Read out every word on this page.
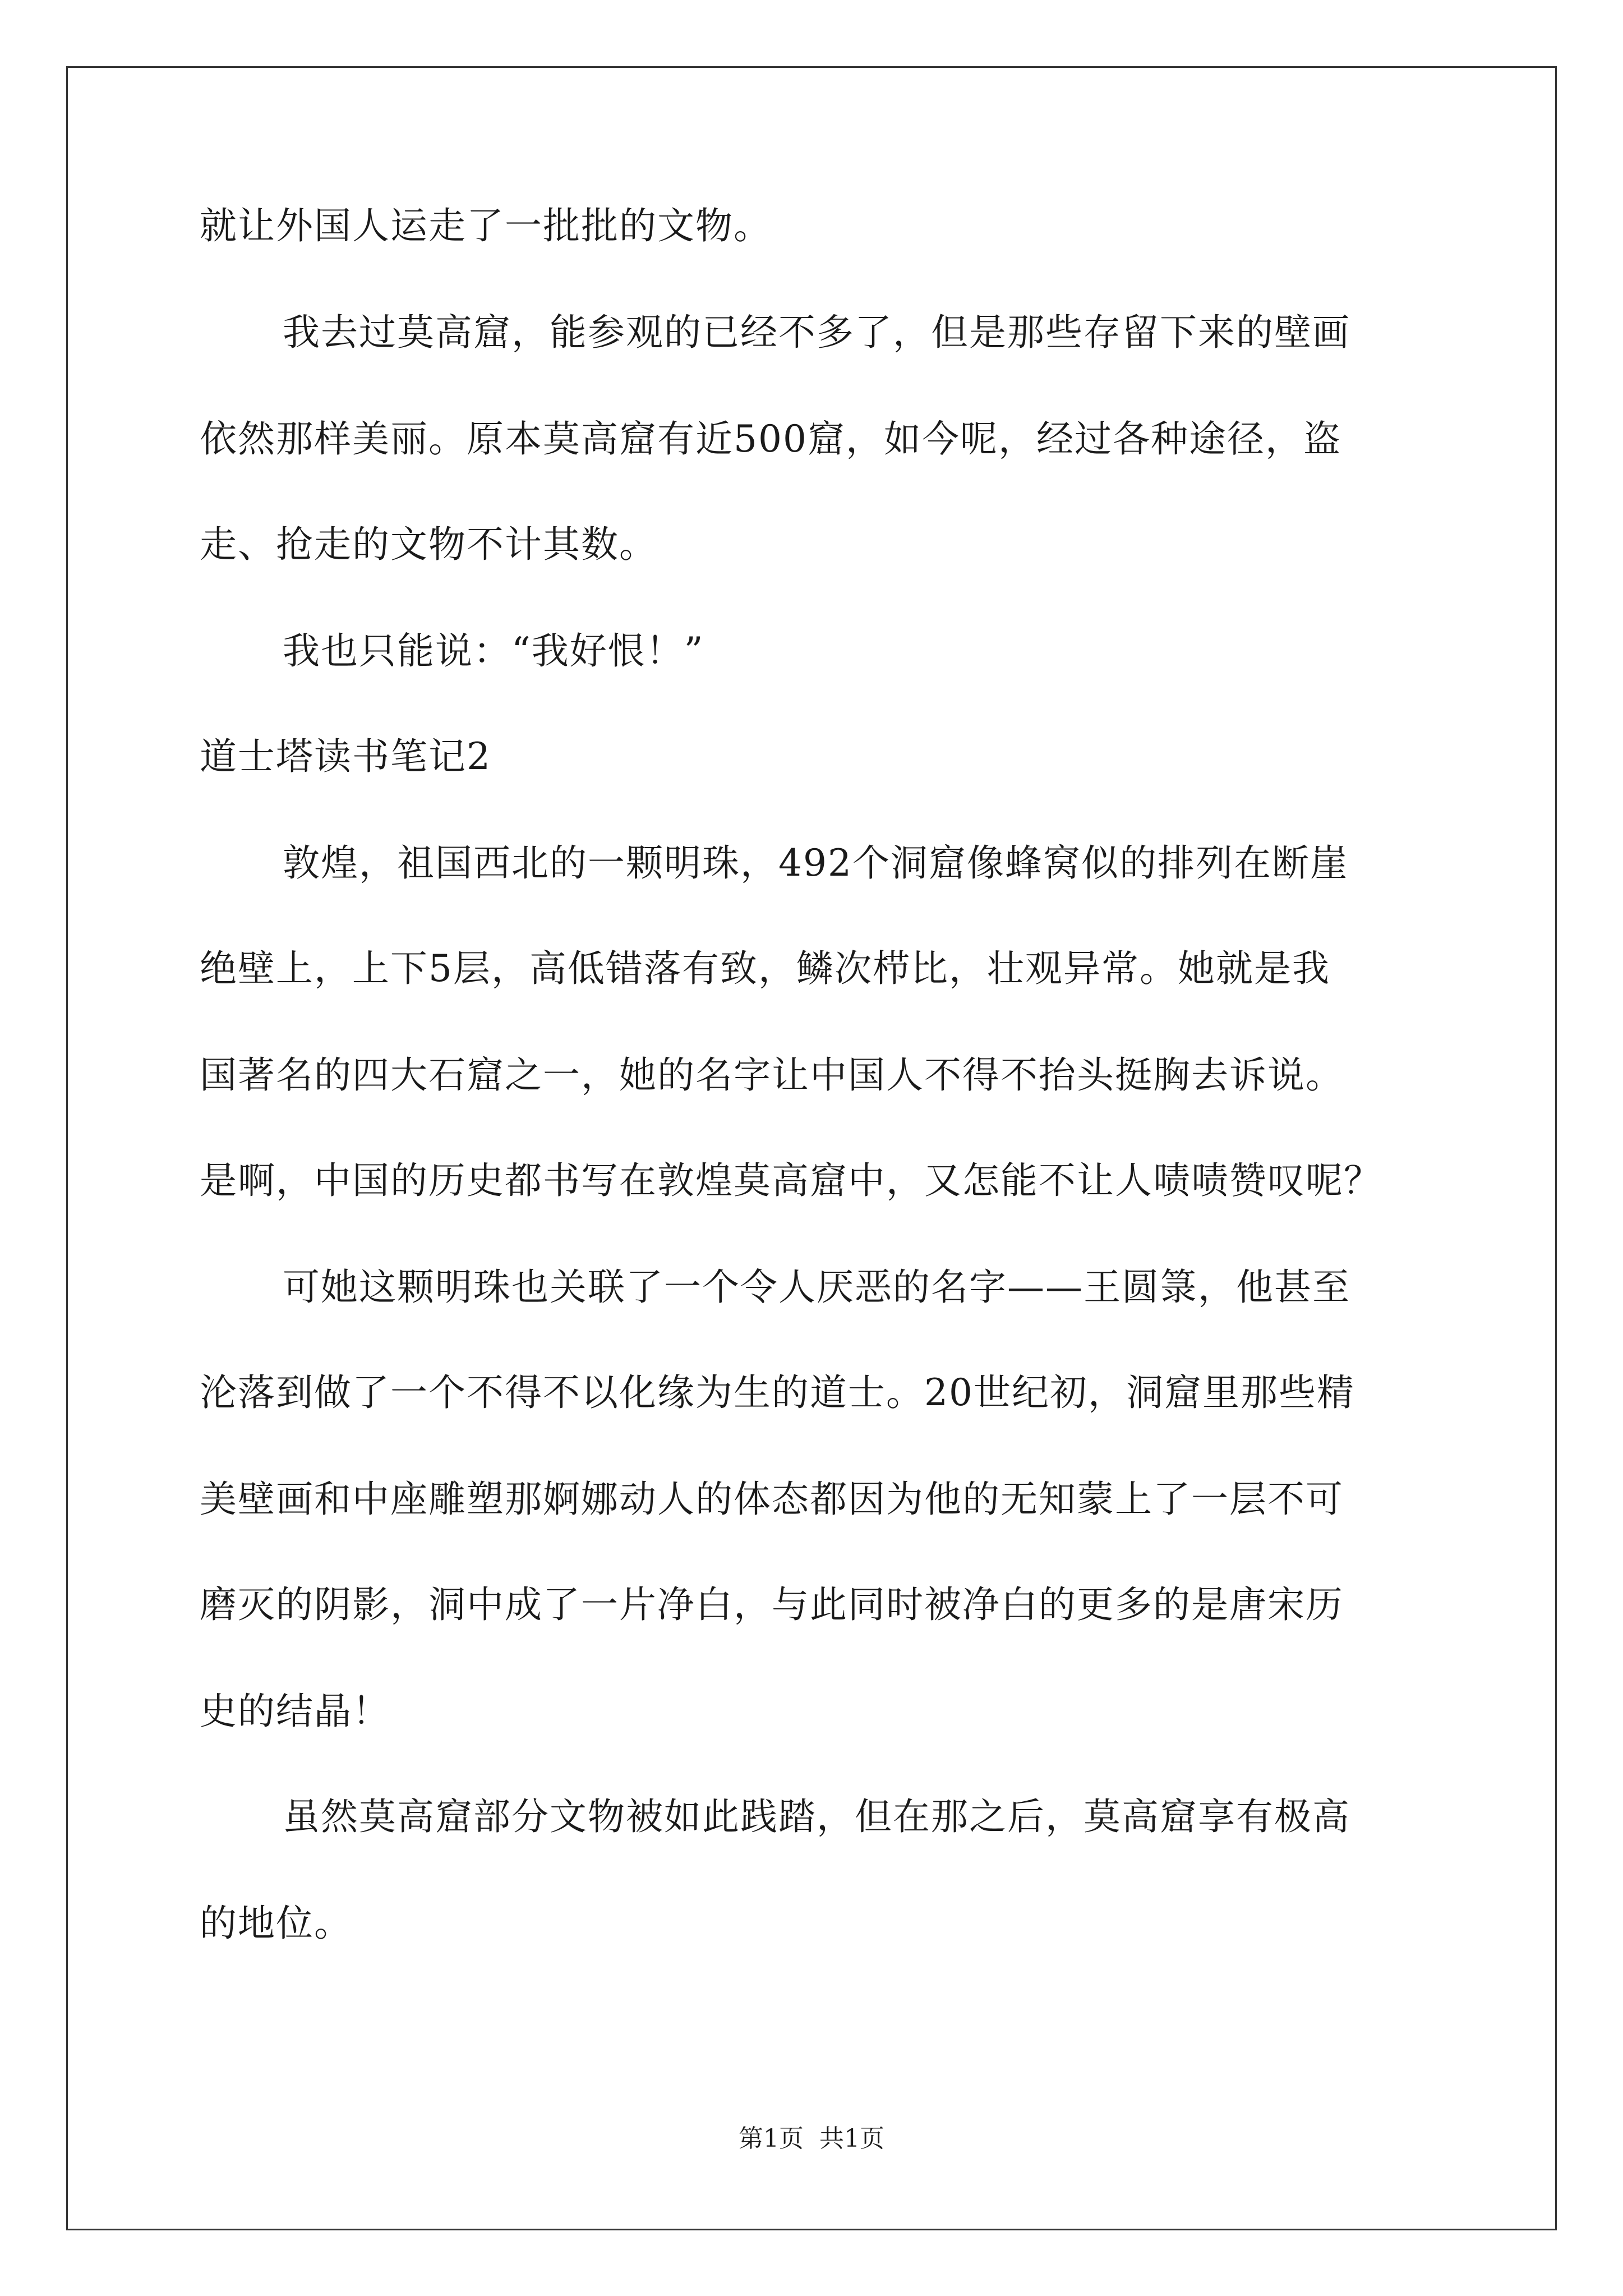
就让外国人运走了一批批的文物。
我去过莫高窟，能参观的已经不多了，但是那些存留下来的壁画
依然那样美丽。原本莫高窟有近500窟，如今呢，经过各种途径，盗
走、抢走的文物不计其数。
我也只能说：“我好恨！”
道士塔读书笔记2
敦煌，祖国西北的一颗明珠，492个洞窟像蜂窝似的排列在断崖
绝壁上，上下5层，高低错落有致，鳞次栉比，壮观异常。她就是我
国著名的四大石窟之一，她的名字让中国人不得不抬头挺胸去诉说。
是啊，中国的历史都书写在敦煌莫高窟中，又怎能不让人啧啧赞叹呢？
可她这颗明珠也关联了一个令人厌恶的名字——王圆箓，他甚至
沦落到做了一个不得不以化缘为生的道士。20世纪初，洞窟里那些精
美壁画和中座雕塑那婀娜动人的体态都因为他的无知蒙上了一层不可
磨灭的阴影，洞中成了一片净白，与此同时被净白的更多的是唐宋历
史的结晶！
虽然莫高窟部分文物被如此践踏，但在那之后，莫高窟享有极高
的地位。
第1页 共1页
